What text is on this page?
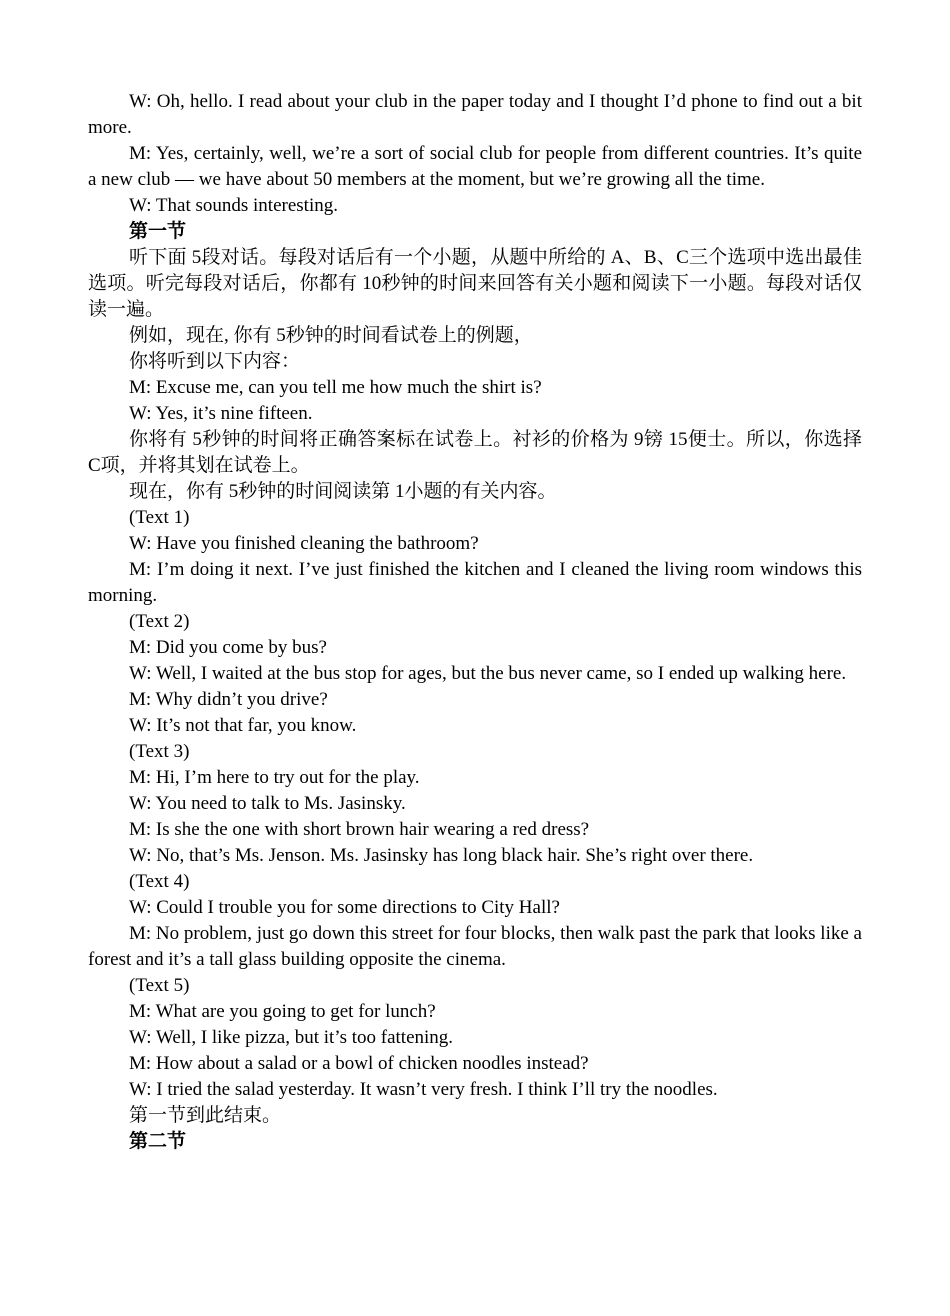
W: Oh, hello. I read about your club in the paper today and I thought I’d phone to find out a bit more.

M: Yes, certainly, well, we’re a sort of social club for people from different countries. It’s quite a new club — we have about 50 members at the moment, but we’re growing all the time.

W: That sounds interesting.

第一节

听下面 5段对话。每段对话后有一个小题，从题中所给的 A、B、C三个选项中选出最佳选项。听完每段对话后，你都有 10秒钟的时间来回答有关小题和阅读下一小题。每段对话仅读一遍。

例如，现在, 你有 5秒钟的时间看试卷上的例题，

你将听到以下内容：

M: Excuse me, can you tell me how much the shirt is?

W: Yes, it’s nine fifteen.

你将有 5秒钟的时间将正确答案标在试卷上。衬衫的价格为 9镑 15便士。所以，你选择 C项，并将其划在试卷上。

现在，你有 5秒钟的时间阅读第 1小题的有关内容。

(Text 1)

W: Have you finished cleaning the bathroom?

M: I’m doing it next. I’ve just finished the kitchen and I cleaned the living room windows this morning.

(Text 2)

M: Did you come by bus?

W: Well, I waited at the bus stop for ages, but the bus never came, so I ended up walking here.

M: Why didn’t you drive?

W: It’s not that far, you know.

(Text 3)

M: Hi, I’m here to try out for the play.

W: You need to talk to Ms. Jasinsky.

M: Is she the one with short brown hair wearing a red dress?

W: No, that’s Ms. Jenson. Ms. Jasinsky has long black hair. She’s right over there.

(Text 4)

W: Could I trouble you for some directions to City Hall?

M: No problem, just go down this street for four blocks, then walk past the park that looks like a forest and it’s a tall glass building opposite the cinema.

(Text 5)

M: What are you going to get for lunch?

W: Well, I like pizza, but it’s too fattening.

M: How about a salad or a bowl of chicken noodles instead?

W: I tried the salad yesterday. It wasn’t very fresh. I think I’ll try the noodles.

第一节到此结束。

第二节
